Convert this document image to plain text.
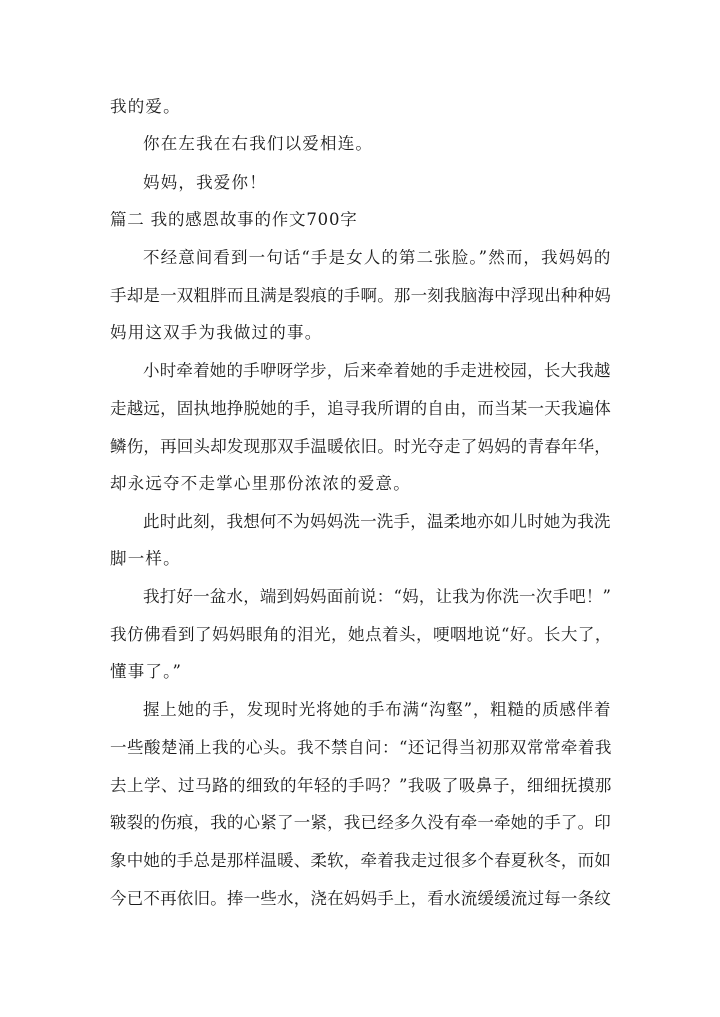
我的爱。
你在左我在右我们以爱相连。
妈妈，我爱你！
篇二 我的感恩故事的作文700字
不经意间看到一句话“手是女人的第二张脸。”然而，我妈妈的
手却是一双粗胖而且满是裂痕的手啊。那一刻我脑海中浮现出种种妈
妈用这双手为我做过的事。
小时牵着她的手咿呀学步，后来牵着她的手走进校园，长大我越
走越远，固执地挣脱她的手，追寻我所谓的自由，而当某一天我遍体
鳞伤，再回头却发现那双手温暖依旧。时光夺走了妈妈的青春年华，
却永远夺不走掌心里那份浓浓的爱意。
此时此刻，我想何不为妈妈洗一洗手，温柔地亦如儿时她为我洗
脚一样。
我打好一盆水，端到妈妈面前说：“妈，让我为你洗一次手吧！”
我仿佛看到了妈妈眼角的泪光，她点着头，哽咽地说“好。长大了，
懂事了。”
握上她的手，发现时光将她的手布满“沟壑”，粗糙的质感伴着
一些酸楚涌上我的心头。我不禁自问：“还记得当初那双常常牵着我
去上学、过马路的细致的年轻的手吗？”我吸了吸鼻子，细细抚摸那
皲裂的伤痕，我的心紧了一紧，我已经多久没有牵一牵她的手了。印
象中她的手总是那样温暖、柔软，牵着我走过很多个春夏秋冬，而如
今已不再依旧。捧一些水，浇在妈妈手上，看水流缓缓流过每一条纹
